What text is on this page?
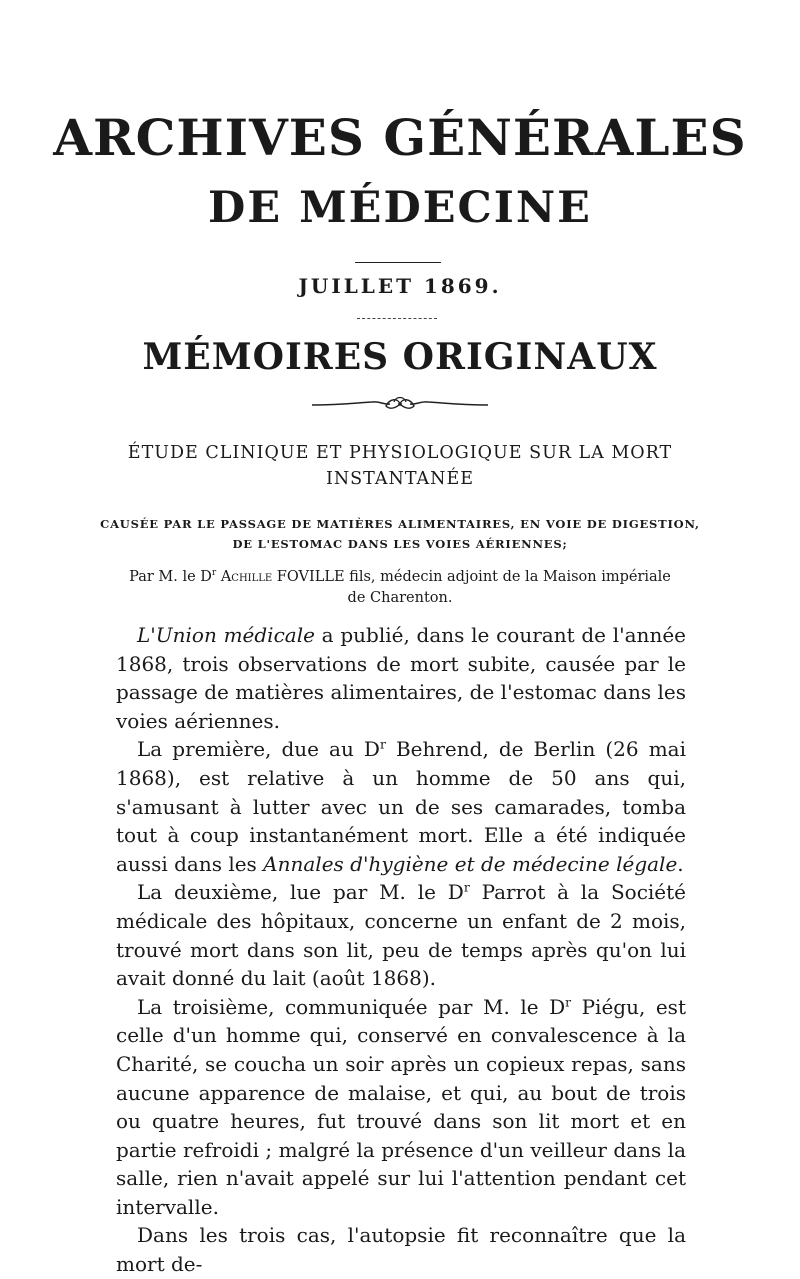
ARCHIVES GÉNÉRALES
DE MÉDECINE
JUILLET 1869.
MÉMOIRES ORIGINAUX
ÉTUDE CLINIQUE ET PHYSIOLOGIQUE SUR LA MORT
INSTANTANÉE
CAUSÉE PAR LE PASSAGE DE MATIÈRES ALIMENTAIRES, EN VOIE DE DIGESTION,
DE L'ESTOMAC DANS LES VOIES AÉRIENNES;
Par M. le $D^r$ Achille FOVILLE fils, médecin adjoint de la Maison impériale
de Charenton.

L'Union médicale a publié, dans le courant de l'année 1868, trois observations de mort subite, causée par le passage de matières alimentaires, de l'estomac dans les voies aériennes.

La première, due au $D^r$ Behrend, de Berlin (26 mai 1868), est relative à un homme de 50 ans qui, s'amusant à lutter avec un de ses camarades, tomba tout à coup instantanément mort. Elle a été indiquée aussi dans les Annales d'hygiène et de médecine légale.

La deuxième, lue par M. le $D^r$ Parrot à la Société médicale des hôpitaux, concerne un enfant de 2 mois, trouvé mort dans son lit, peu de temps après qu'on lui avait donné du lait (août 1868).

La troisième, communiquée par M. le $D^r$ Piégu, est celle d'un homme qui, conservé en convalescence à la Charité, se coucha un soir après un copieux repas, sans aucune apparence de malaise, et qui, au bout de trois ou quatre heures, fut trouvé dans son lit mort et en partie refroidi ; malgré la présence d'un veilleur dans la salle, rien n'avait appelé sur lui l'attention pendant cet intervalle.

Dans les trois cas, l'autopsie fit reconnaître que la mort de-
